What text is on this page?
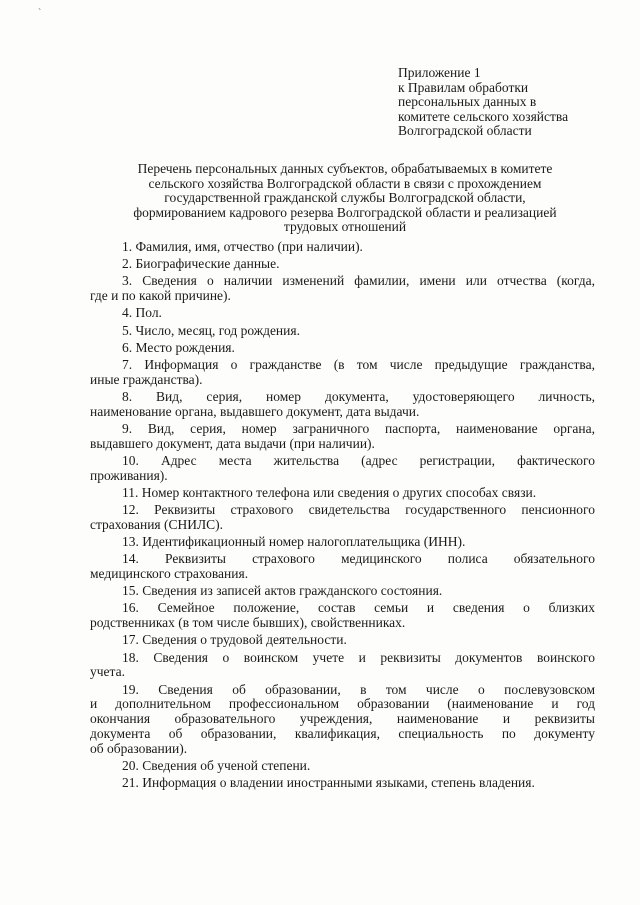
`
Приложение 1
к Правилам обработки
персональных данных в
комитете сельского хозяйства
Волгоградской области
Перечень персональных данных субъектов, обрабатываемых в комитете
сельского хозяйства Волгоградской области в связи с прохождением
государственной гражданской службы Волгоградской области,
формированием кадрового резерва Волгоградской области и реализацией
трудовых отношений
1. Фамилия, имя, отчество (при наличии).
2. Биографические данные.
3. Сведения о наличии изменений фамилии, имени или отчества (когда,
где и по какой причине).
4. Пол.
5. Число, месяц, год рождения.
6. Место рождения.
7. Информация о гражданстве (в том числе предыдущие гражданства,
иные гражданства).
8. Вид, серия, номер документа, удостоверяющего личность,
наименование органа, выдавшего документ, дата выдачи.
9. Вид, серия, номер заграничного паспорта, наименование органа,
выдавшего документ, дата выдачи (при наличии).
10. Адрес места жительства (адрес регистрации, фактического
проживания).
11. Номер контактного телефона или сведения о других способах связи.
12. Реквизиты страхового свидетельства государственного пенсионного
страхования (СНИЛС).
13. Идентификационный номер налогоплательщика (ИНН).
14. Реквизиты страхового медицинского полиса обязательного
медицинского страхования.
15. Сведения из записей актов гражданского состояния.
16. Семейное положение, состав семьи и сведения о близких
родственниках (в том числе бывших), свойственниках.
17. Сведения о трудовой деятельности.
18. Сведения о воинском учете и реквизиты документов воинского
учета.
19. Сведения об образовании, в том числе о послевузовском
и дополнительном профессиональном образовании (наименование и год
окончания образовательного учреждения, наименование и реквизиты
документа об образовании, квалификация, специальность по документу
об образовании).
20. Сведения об ученой степени.
21. Информация о владении иностранными языками, степень владения.
